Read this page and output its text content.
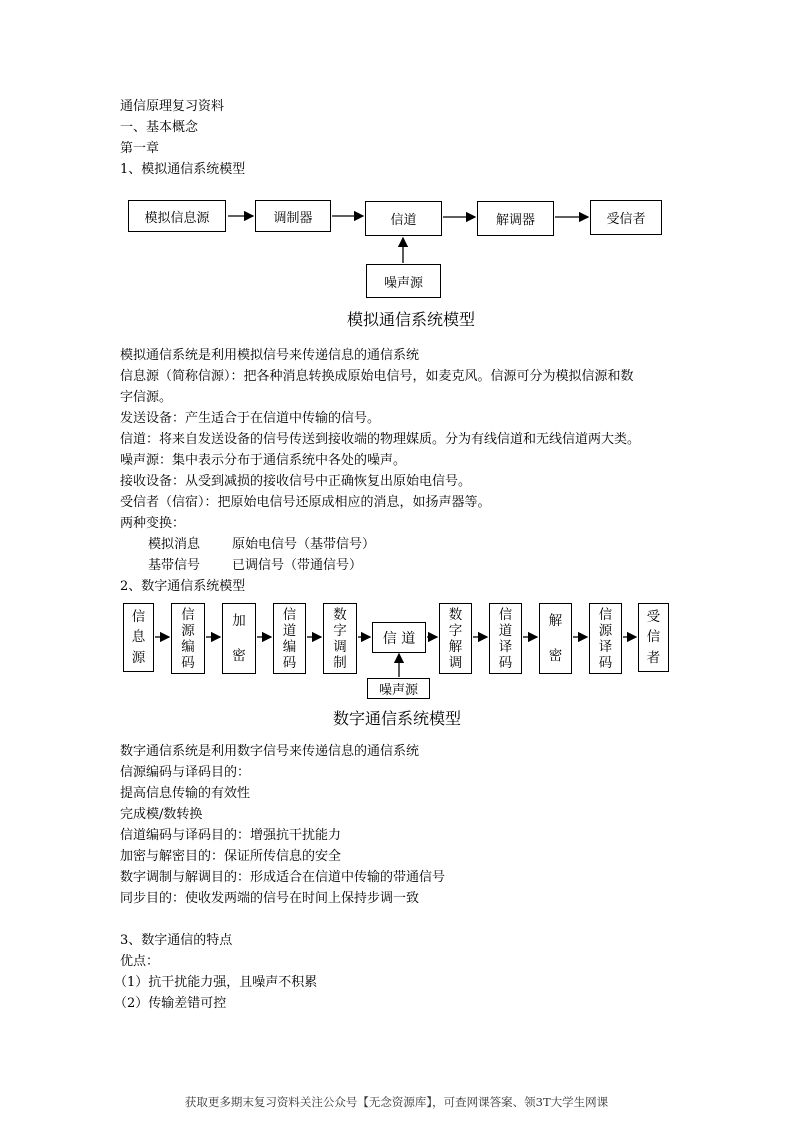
通信原理复习资料
一、基本概念
第一章
1、模拟通信系统模型
模拟信息源	调制器	信道	解调器	受信者
噪声源
模拟通信系统模型
模拟通信系统是利用模拟信号来传递信息的通信系统
信息源（简称信源）：把各种消息转换成原始电信号，如麦克风。信源可分为模拟信源和数
字信源。
发送设备：产生适合于在信道中传输的信号。
信道：将来自发送设备的信号传送到接收端的物理媒质。分为有线信道和无线信道两大类。
噪声源：集中表示分布于通信系统中各处的噪声。
接收设备：从受到减损的接收信号中正确恢复出原始电信号。
受信者（信宿）：把原始电信号还原成相应的消息，如扬声器等。
两种变换：
模拟消息 原始电信号（基带信号）
基带信号 已调信号（带通信号）
2、数字通信系统模型
信
息
源
信
源
编
码
加
密
信
道
编
码
数
字
调
制
信 道
数
字
解
调
信
道
译
码
解
密
信
源
译
码
受
信
者
噪声源
数字通信系统模型
数字通信系统是利用数字信号来传递信息的通信系统
信源编码与译码目的：
提高信息传输的有效性
完成模/数转换
信道编码与译码目的：增强抗干扰能力
加密与解密目的：保证所传信息的安全
数字调制与解调目的：形成适合在信道中传输的带通信号
同步目的：使收发两端的信号在时间上保持步调一致
3、数字通信的特点
优点：
（1）抗干扰能力强，且噪声不积累
（2）传输差错可控
获取更多期末复习资料关注公众号【无念资源库】，可查网课答案、领3T大学生网课
